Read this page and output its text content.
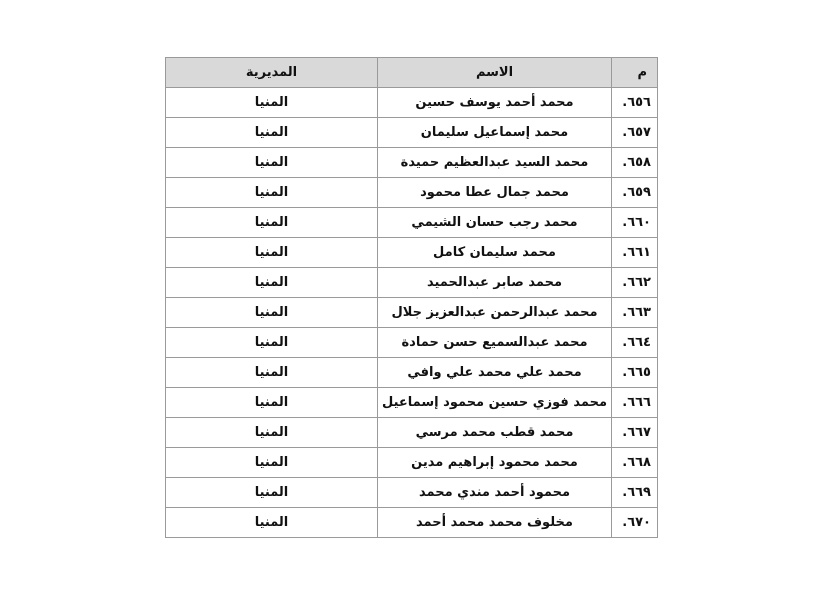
م	الاسم	المديرية
٦٥٦.	محمد أحمد يوسف حسين	المنيا
٦٥٧.	محمد إسماعيل سليمان	المنيا
٦٥٨.	محمد السيد عبدالعظيم حميدة	المنيا
٦٥٩.	محمد جمال عطا محمود	المنيا
٦٦٠.	محمد رجب حسان الشيمي	المنيا
٦٦١.	محمد سليمان كامل	المنيا
٦٦٢.	محمد صابر عبدالحميد	المنيا
٦٦٣.	محمد عبدالرحمن عبدالعزيز جلال	المنيا
٦٦٤.	محمد عبدالسميع حسن حمادة	المنيا
٦٦٥.	محمد علي محمد علي وافي	المنيا
٦٦٦.	محمد فوزي حسين محمود إسماعيل	المنيا
٦٦٧.	محمد قطب محمد مرسي	المنيا
٦٦٨.	محمد محمود إبراهيم مدين	المنيا
٦٦٩.	محمود أحمد مندي محمد	المنيا
٦٧٠.	مخلوف محمد محمد أحمد	المنيا
